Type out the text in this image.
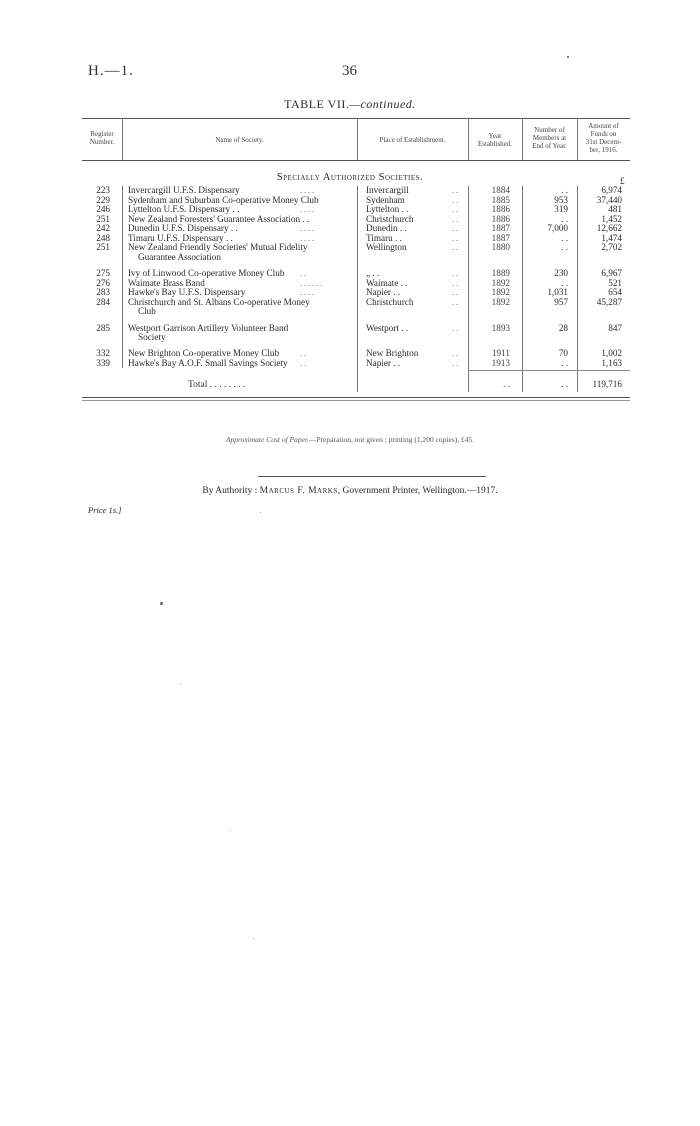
H.—1.	36
TABLE VII.—continued.
Register
Number.	Name of Society.	Place of Establishment.	Year
Established.
Number of
Members at
End of Year.
Amount of
Funds on
31st Decem-
ber, 1916.
Specially Authorized Societies.	£
223 Invercargill U.F.S. Dispensary	Invercargill	. .	1884	. .	6,974
. . . .
229 Sydenham and Suburban Co-operative Money Club	Sydenham	. .	1885	953	37,440
246 Lyttelton U.F.S. Dispensary . .	Lyttelton . .	. .	1886	319	481
. . . .
251 New Zealand Foresters' Guarantee Association . .	Christchurch	. .	1886	. .	1,452
242 Dunedin U.F.S. Dispensary . .	Dunedin . .	. .	1887	7,000	12,662
. . . .
248 Timaru U.F.S. Dispensary . .	Timaru . .	. .	1887	. .	1,474
. . . .
251 New Zealand Friendly Societies' Mutual Fidelity	Wellington	. .	1880	. .	2,702
Guarantee Association
275 Ivy of Linwood Co-operative Money Club	„ . .	. .	1889	230	6,967
. .
276 Waimate Brass Band	Waimate . .	. .	1892	. .	521
. . . . . .
283 Hawke's Bay U.F.S. Dispensary	Napier . .	. .	1892	1,031	654
. . . .
284 Christchurch and St. Albans Co-operative Money	Christchurch	. .	1892	957	45,287
Club
285 Westport Garrison Artillery Volunteer Band	Westport . .	. .	1893	28	847
Society
332 New Brighton Co-operative Money Club	New Brighton	. .	1911	70	1,002
. .
339 Hawke's Bay A.O.F. Small Savings Society	Napier . .	. .	1913	. .	1,163
. .
Total . . . . . . . .	. .	. .	119,716
Approximate Cost of Paper.—Preparation, not given ; printing (1,200 copies), £45.
By Authority : Marcus F. Marks, Government Printer, Wellington.—1917.
Price 1s.]
